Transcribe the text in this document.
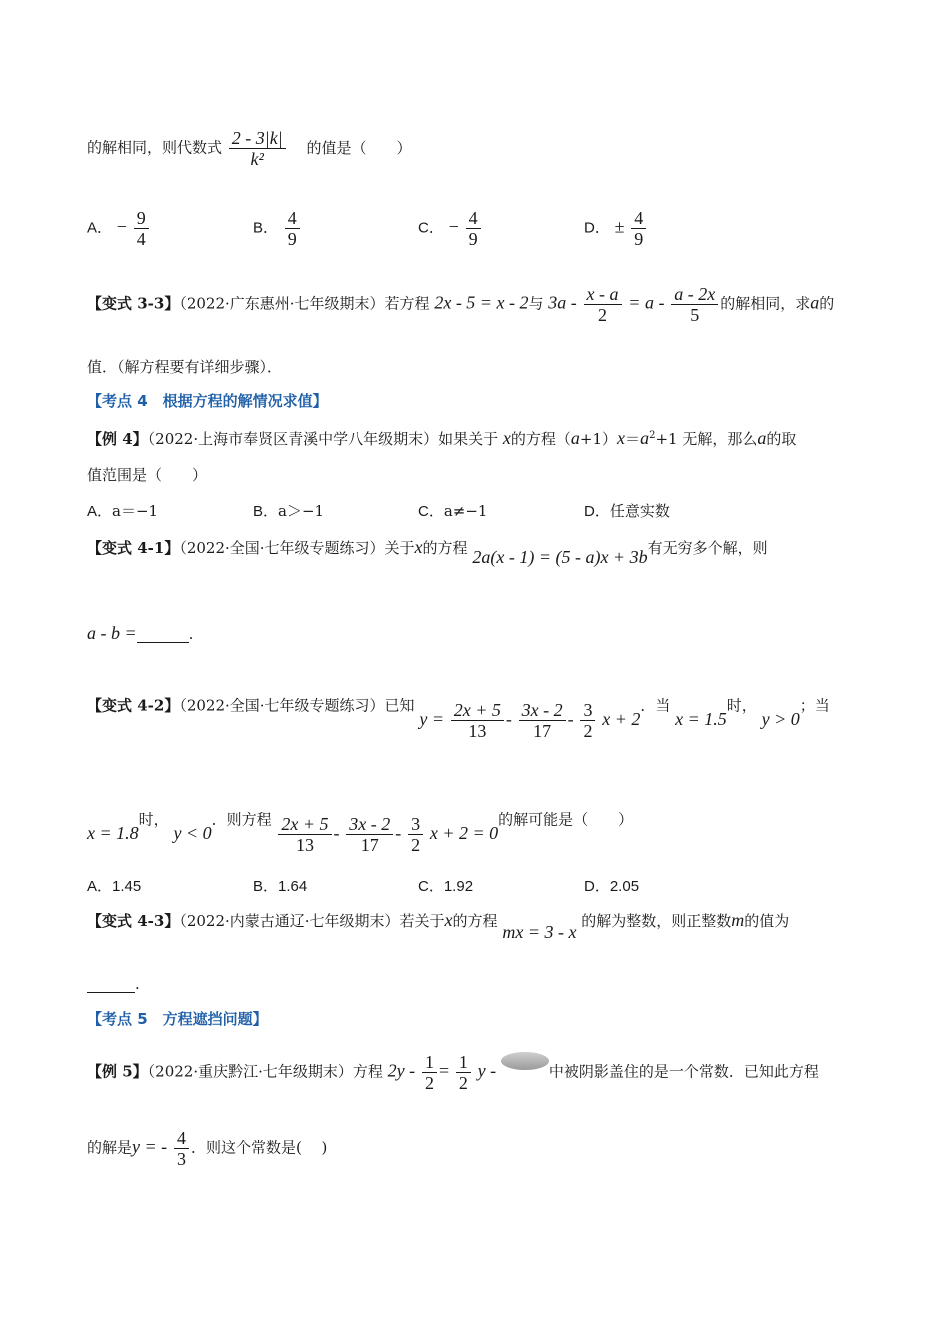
的解相同，则代数式 $\frac{2 - 3|k|}{\text{k²}}$ 的值是（　　）
A． − $\frac{9}{4}$	B． $\frac{4}{9}$	C． − $\frac{4}{9}$	D． ± $\frac{4}{9}$
【变式 3-3】（2022·广东惠州·七年级期末）若方程 2x - 5 = x - 2与 $3a - \frac{x - a}{2} = a - \frac{a - 2x}{5}$ 的解相同，求a的
值．（解方程要有详细步骤）．
【考点 4　根据方程的解情况求值】
【例 4】（2022·上海市奉贤区青溪中学八年级期末）如果关于 x的方程$(a+1)x=a^2+1$ 无解，那么a的取
值范围是（　　）
A．a＝−1	B．a＞−1	C．a≠−1	D．任意实数
【变式 4-1】（2022·全国·七年级专题练习）关于x的方程 2a(x - 1) = (5 - a)x + 3b有无穷多个解，则
a - b =	.
【变式 4-2】（2022·全国·七年级专题练习）已知 $y = \frac{2x + 5}{13} - \frac{3x - 2}{17} - \frac{3}{2}$ x + 2．当 x = 1.5时， y > 0；当
x = 1.8时， y < 0．则方程 $\frac{2x + 5}{13} - \frac{3x - 2}{17} - \frac{3}{2}$ x + 2 = 0的解可能是（　　）
A．1.45	B．1.64	C．1.92	D．2.05
【变式 4-3】（2022·内蒙古通辽·七年级期末）若关于x的方程 mx = 3 - x 的解为整数，则正整数m的值为
.
【考点 5　方程遮挡问题】
【例 5】（2022·重庆黔江·七年级期末）方程 $2y - \frac{1}{2} = \frac{1}{2}$ y -	中被阴影盖住的是一个常数．已知此方程
的解是y = - $\frac{4}{3}$ ．则这个常数是(　 )
